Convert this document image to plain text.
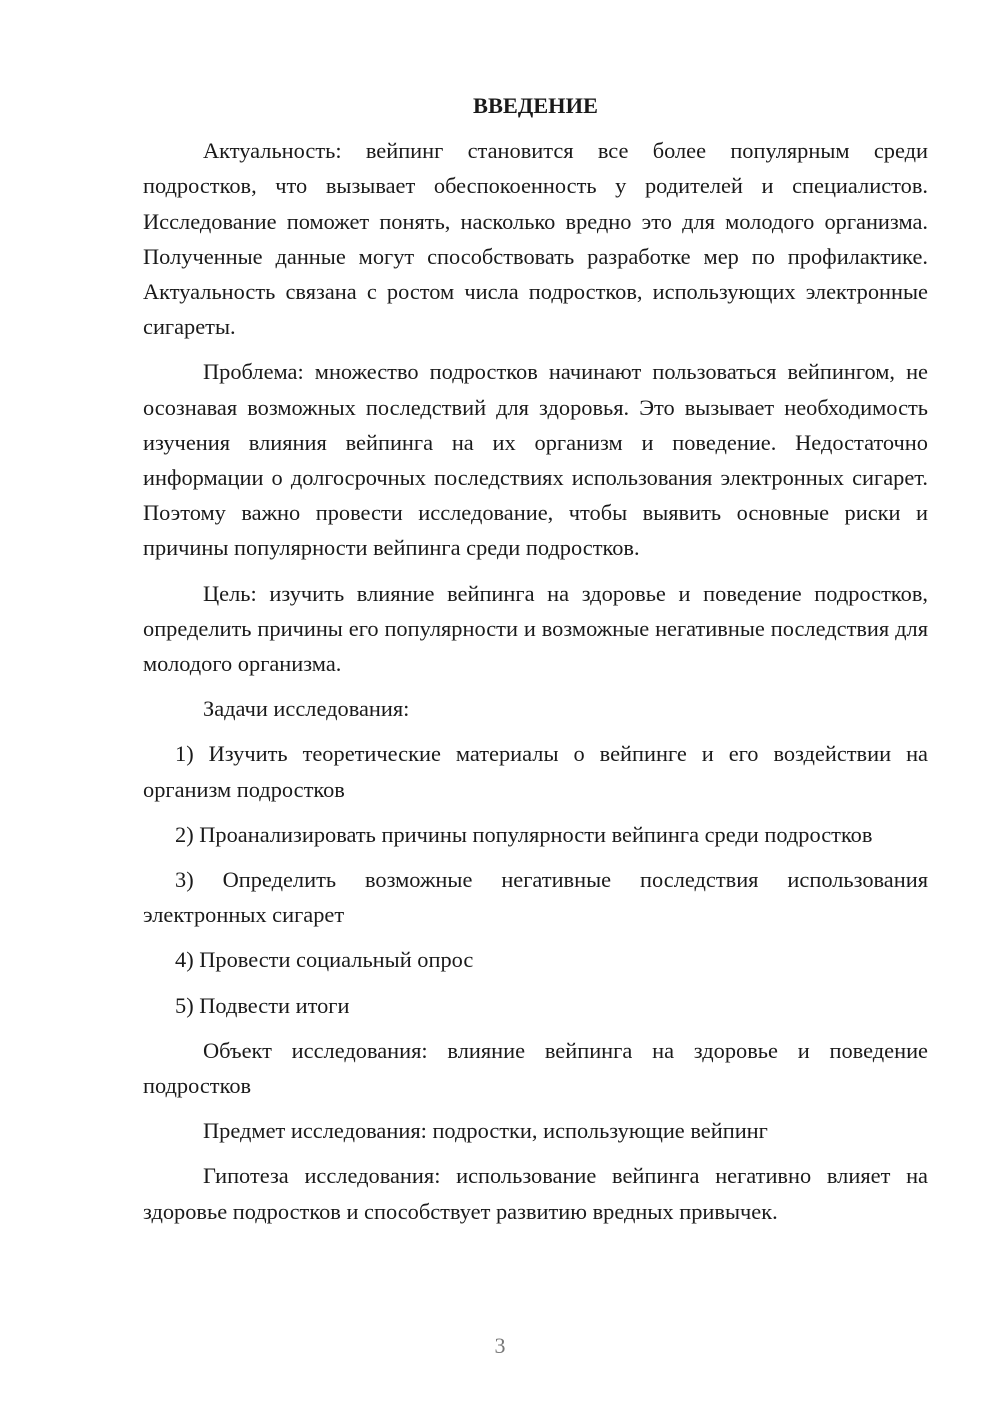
ВВЕДЕНИЕ

Актуальность: вейпинг становится все более популярным среди подростков, что вызывает обеспокоенность у родителей и специалистов. Исследование поможет понять, насколько вредно это для молодого организма. Полученные данные могут способствовать разработке мер по профилактике. Актуальность связана с ростом числа подростков, использующих электронные сигареты.

Проблема: множество подростков начинают пользоваться вейпингом, не осознавая возможных последствий для здоровья. Это вызывает необходимость изучения влияния вейпинга на их организм и поведение. Недостаточно информации о долгосрочных последствиях использования электронных сигарет. Поэтому важно провести исследование, чтобы выявить основные риски и причины популярности вейпинга среди подростков.

Цель: изучить влияние вейпинга на здоровье и поведение подростков, определить причины его популярности и возможные негативные последствия для молодого организма.

Задачи исследования:

1) Изучить теоретические материалы о вейпинге и его воздействии на организм подростков

2) Проанализировать причины популярности вейпинга среди подростков

3) Определить возможные негативные последствия использования электронных сигарет

4) Провести социальный опрос

5) Подвести итоги

Объект исследования: влияние вейпинга на здоровье и поведение подростков

Предмет исследования: подростки, использующие вейпинг

Гипотеза исследования: использование вейпинга негативно влияет на здоровье подростков и способствует развитию вредных привычек.

3
